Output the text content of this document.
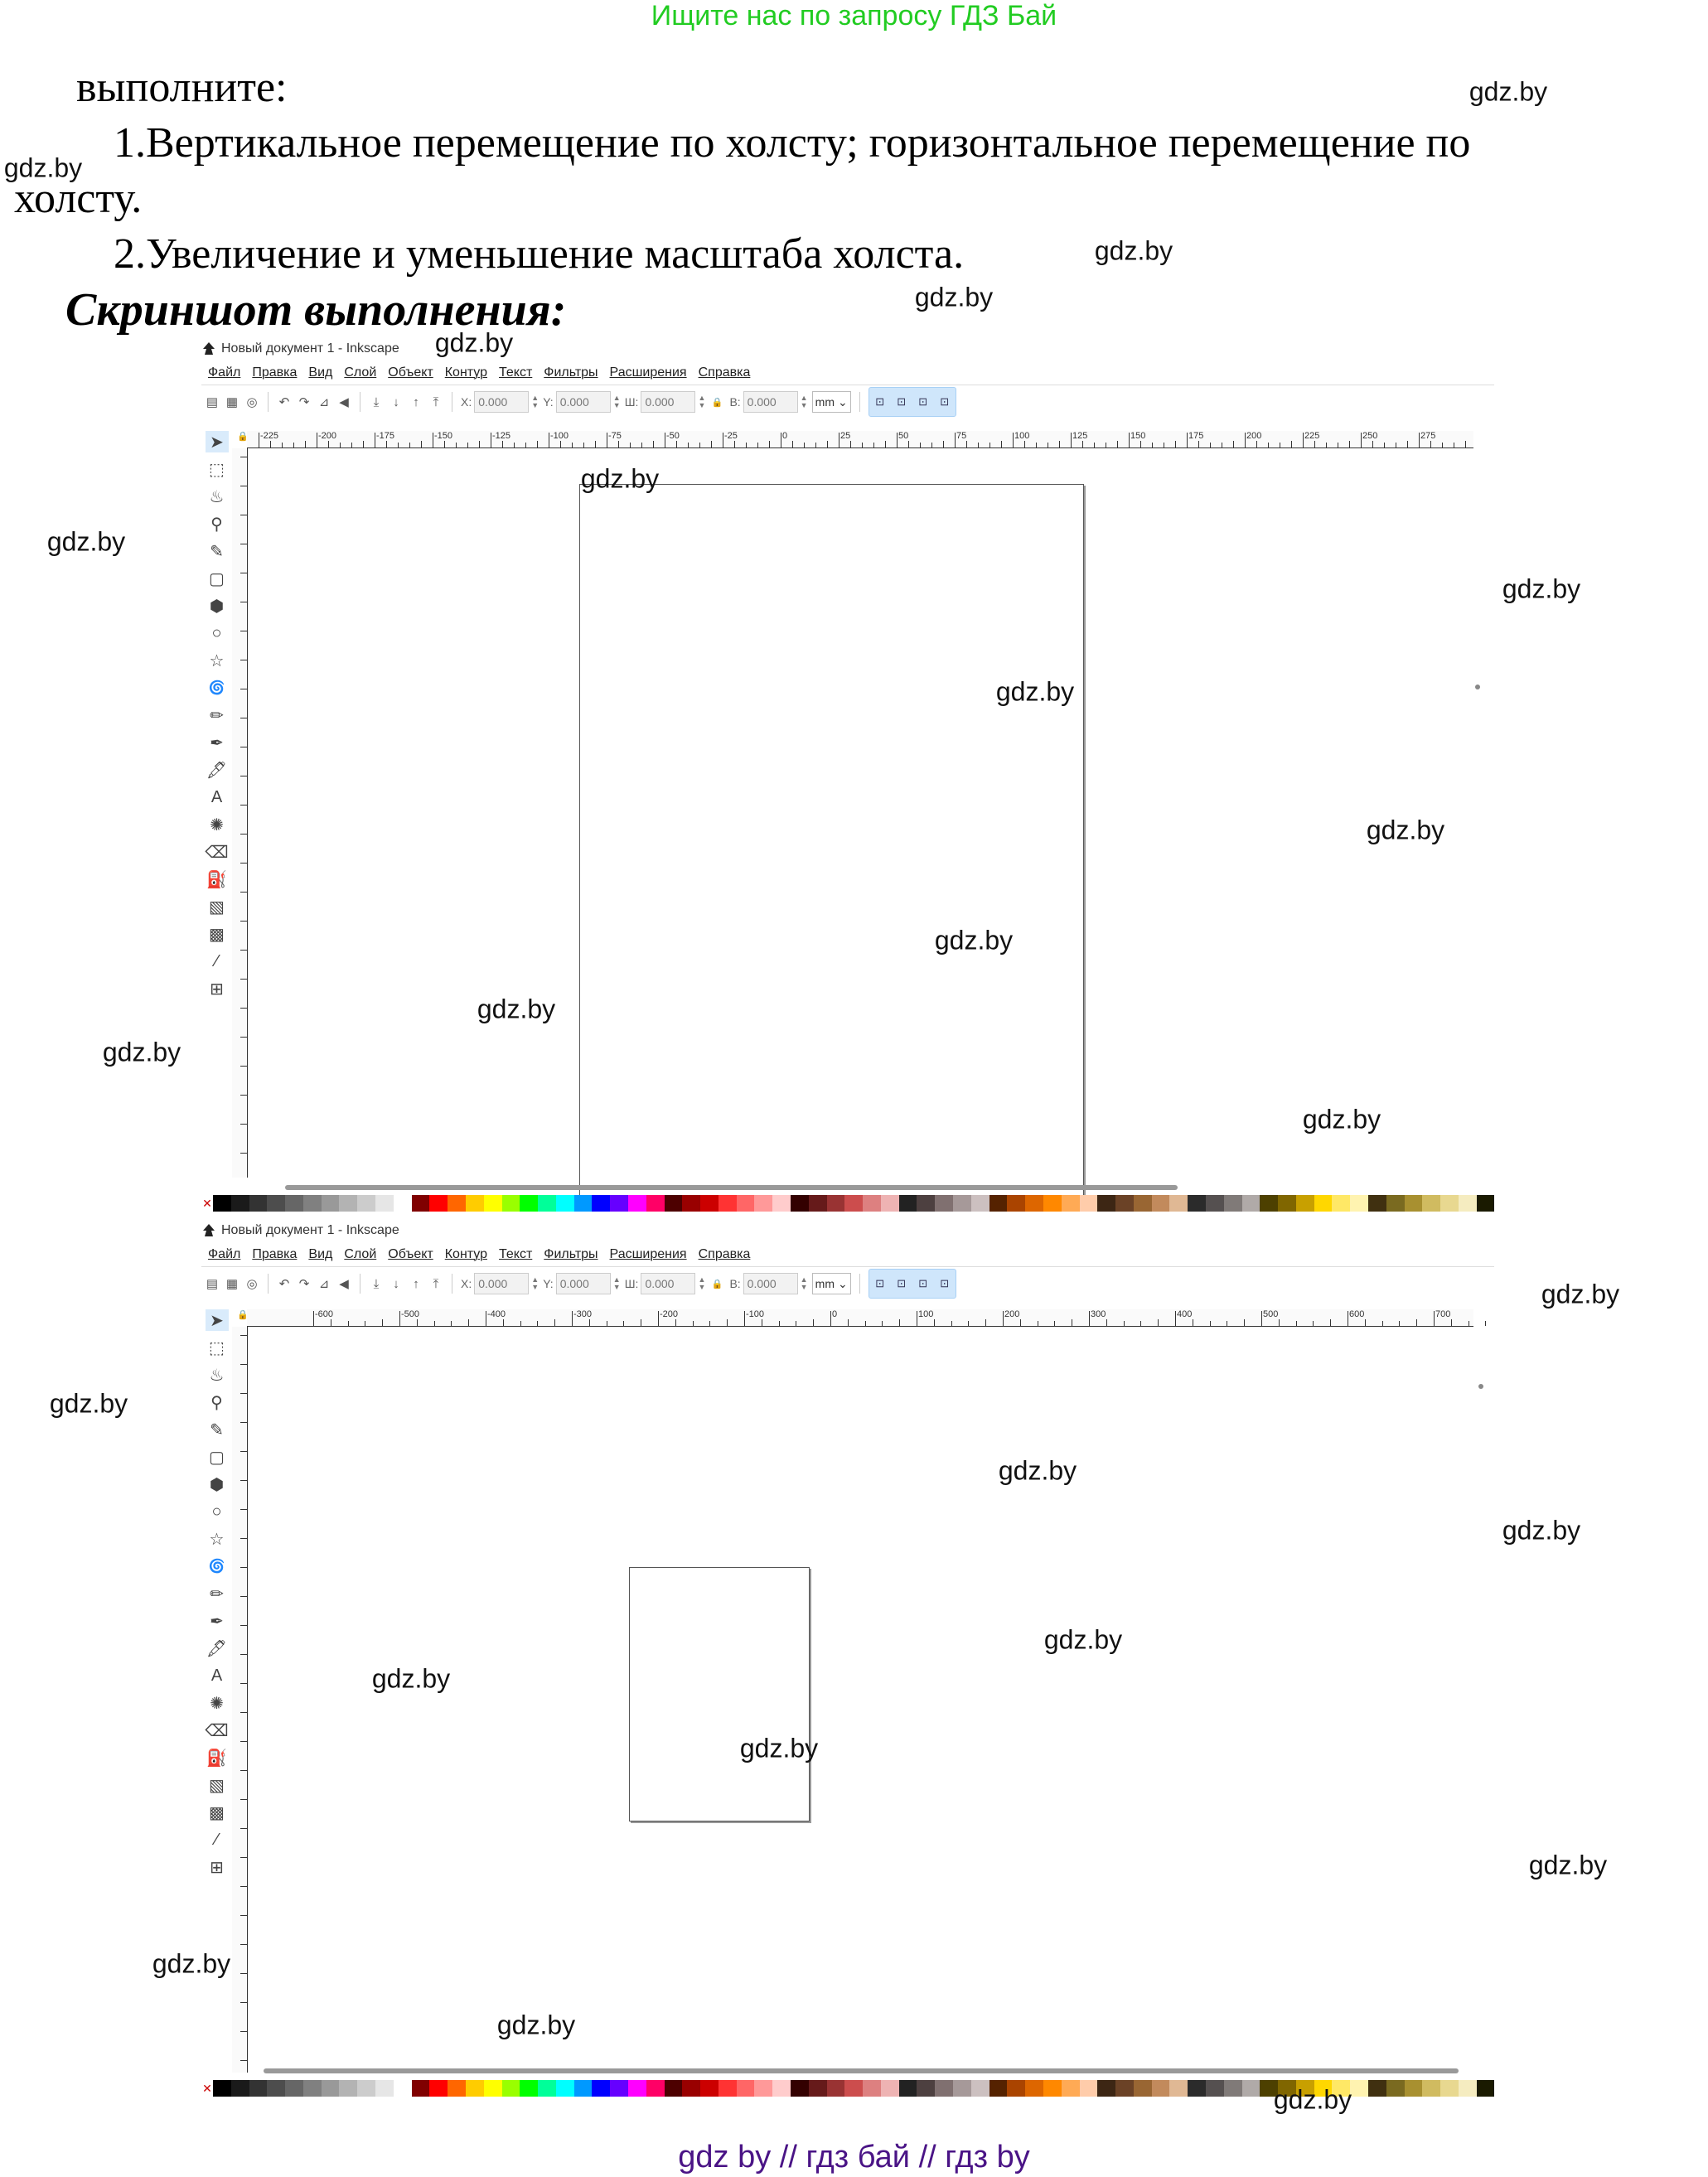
Ищите нас по запросу ГДЗ Бай
выполните:
1.Вертикальное перемещение по холсту; горизонтальное перемещение по
холсту.
2.Увеличение и уменьшение масштаба холста.
Скриншот выполнения:
Новый документ 1 - Inkscape
Файл Правка Вид Слой Объект Контур Текст Фильтры Расширения Справка
▤ ▦ ◎ ↶ ↷ ⊿ ◀	⤓	↓	↑	⤒	X: 0.000	▲
▼ Y: 0.000	▲
▼ Ш: 0.000	▲
▼ 🔒 В: 0.000	▲
▼ mm ⌄	⊡	⊡	⊡	⊡
➤
⬚
♨
⚲
✎
▢
⬢
○
☆
🌀
✏
✒
🖋
A
✺
⌫
⛽
▧
▩
⁄
⊞
🔒 -225	-200	-175	-150	-125	-100	-75	-50	-25	0	25	50	75	100	125	150	175	200	225	250	275
✕
Новый документ 1 - Inkscape
Файл Правка Вид Слой Объект Контур Текст Фильтры Расширения Справка
▤ ▦ ◎ ↶ ↷ ⊿ ◀	⤓	↓	↑	⤒	X: 0.000	▲
▼ Y: 0.000	▲
▼ Ш: 0.000	▲
▼ 🔒 В: 0.000	▲
▼ mm ⌄	⊡	⊡	⊡	⊡
➤
⬚
♨
⚲
✎
▢
⬢
○
☆
🌀
✏
✒
🖋
A
✺
⌫
⛽
▧
▩
⁄
⊞
🔒	-600	-500	-400	-300	-200	-100	0	100	200	300	400	500	600	700
✕
gdz.by
gdz.by
gdz.by
gdz.by
gdz.by
gdz.by
gdz.by
gdz.by
gdz.by
gdz.by
gdz.by
gdz.by
gdz.by
gdz.by
gdz.by
gdz.by
gdz.by
gdz.by
gdz.by
gdz.by
gdz.by
gdz.by
gdz.by
gdz.by
gdz.by
gdz by // гдз бай // гдз by
